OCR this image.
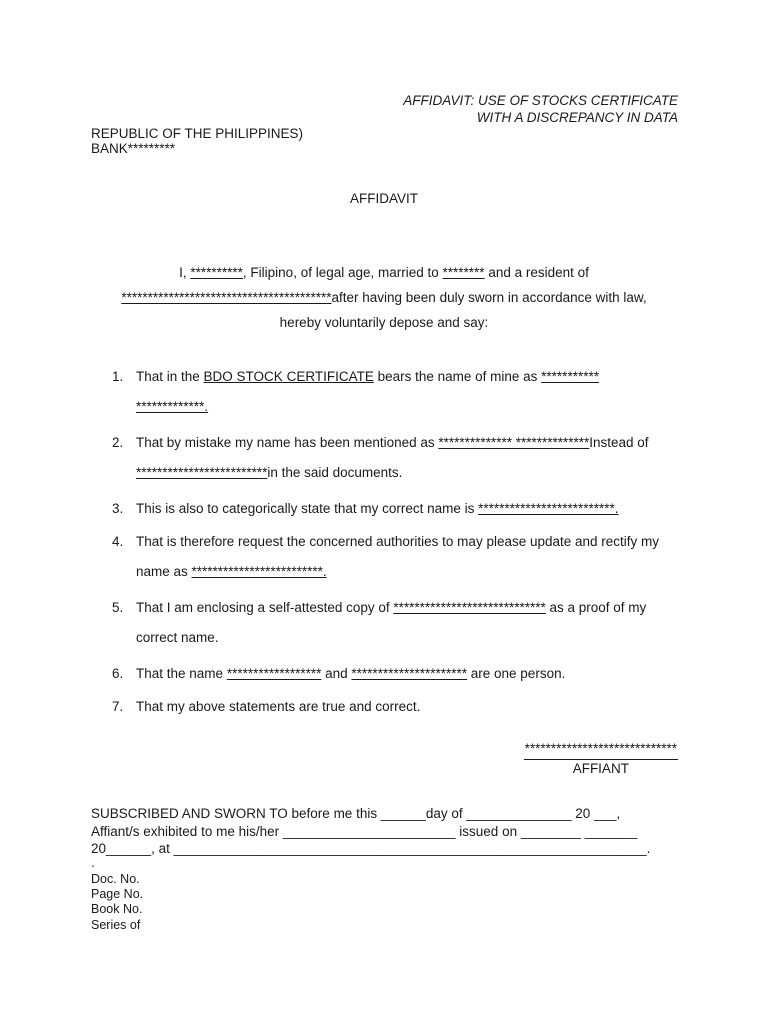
AFFIDAVIT: USE OF STOCKS CERTIFICATE
WITH A DISCREPANCY IN DATA
REPUBLIC OF THE PHILIPPINES)
BANK*********
AFFIDAVIT
I, **********, Filipino, of legal age, married to ******** and a resident of
****************************************after having been duly sworn in accordance with law,
hereby voluntarily depose and say:
1. That in the BDO STOCK CERTIFICATE bears the name of mine as ***********
*************.
2. That by mistake my name has been mentioned as ************** **************Instead of
*************************in the said documents.
3. This is also to categorically state that my correct name is **************************.
4. That is therefore request the concerned authorities to may please update and rectify my
name as *************************.
5. That I am enclosing a self-attested copy of ***************************** as a proof of my
correct name.
6. That the name ****************** and ********************** are one person.
7. That my above statements are true and correct.
*****************************
AFFIANT
SUBSCRIBED AND SWORN TO before me this ______day of ______________ 20 ___,
Affiant/s exhibited to me his/her _______________________ issued on ________ _______
20______, at _______________________________________________________________.
.
Doc. No.
Page No.
Book No.
Series of
